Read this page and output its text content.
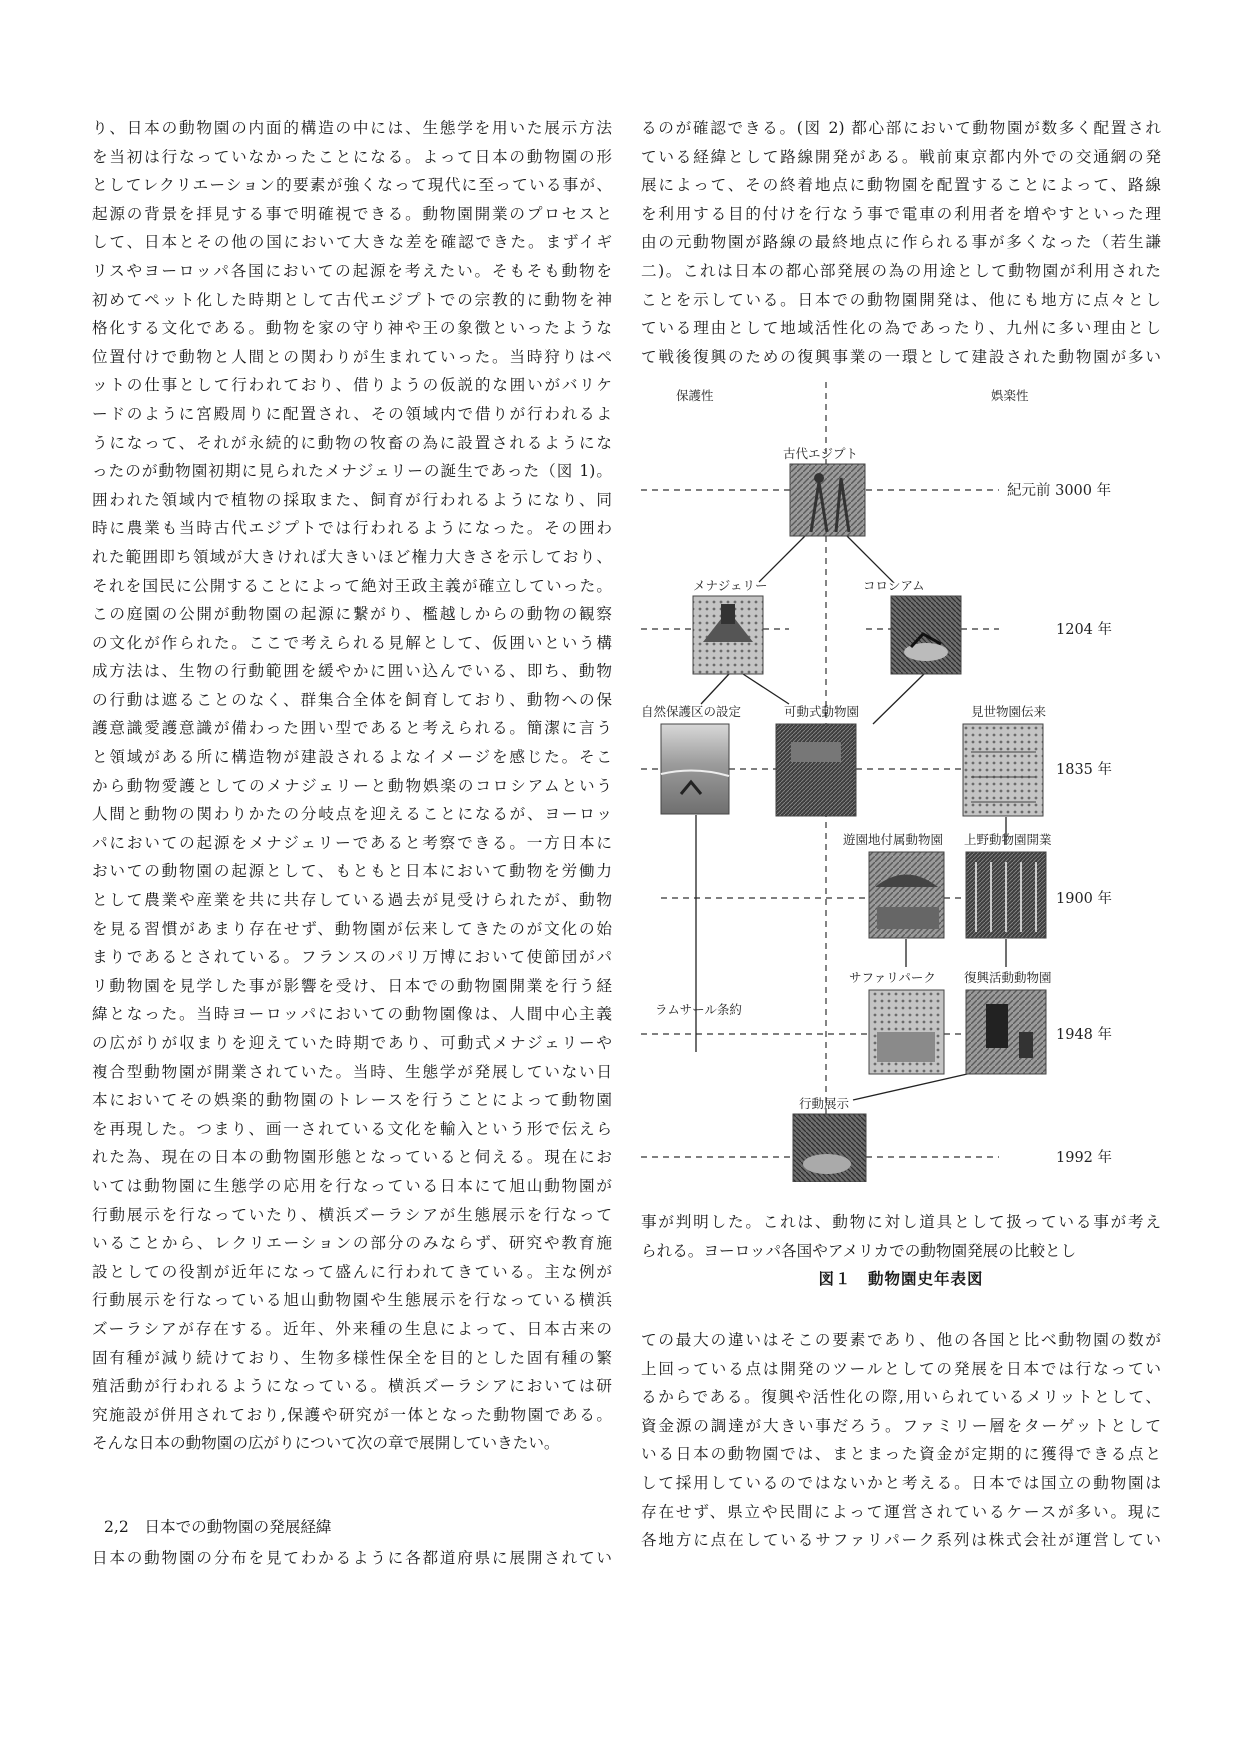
り、日本の動物園の内面的構造の中には、生態学を用いた展示方法

を当初は行なっていなかったことになる。よって日本の動物園の形

としてレクリエーション的要素が強くなって現代に至っている事が、

起源の背景を拝見する事で明確視できる。動物園開業のプロセスと

して、日本とその他の国において大きな差を確認できた。まずイギ

リスやヨーロッパ各国においての起源を考えたい。そもそも動物を

初めてペット化した時期として古代エジプトでの宗教的に動物を神

格化する文化である。動物を家の守り神や王の象徴といったような

位置付けで動物と人間との関わりが生まれていった。当時狩りはペ

ットの仕事として行われており、借りようの仮説的な囲いがバリケ

ードのように宮殿周りに配置され、その領域内で借りが行われるよ

うになって、それが永続的に動物の牧畜の為に設置されるようにな

ったのが動物園初期に見られたメナジェリーの誕生であった（図 1)。

囲われた領域内で植物の採取また、飼育が行われるようになり、同

時に農業も当時古代エジプトでは行われるようになった。その囲わ

れた範囲即ち領域が大きければ大きいほど権力大きさを示しており、

それを国民に公開することによって絶対王政主義が確立していった。

この庭園の公開が動物園の起源に繋がり、檻越しからの動物の観察

の文化が作られた。ここで考えられる見解として、仮囲いという構

成方法は、生物の行動範囲を緩やかに囲い込んでいる、即ち、動物

の行動は遮ることのなく、群集合全体を飼育しており、動物への保

護意識愛護意識が備わった囲い型であると考えられる。簡潔に言う

と領域がある所に構造物が建設されるよなイメージを感じた。そこ

から動物愛護としてのメナジェリーと動物娯楽のコロシアムという

人間と動物の関わりかたの分岐点を迎えることになるが、ヨーロッ

パにおいての起源をメナジェリーであると考察できる。一方日本に

おいての動物園の起源として、もともと日本において動物を労働力

として農業や産業を共に共存している過去が見受けられたが、動物

を見る習慣があまり存在せず、動物園が伝来してきたのが文化の始

まりであるとされている。フランスのパリ万博において使節団がパ

リ動物園を見学した事が影響を受け、日本での動物園開業を行う経

緯となった。当時ヨーロッパにおいての動物園像は、人間中心主義

の広がりが収まりを迎えていた時期であり、可動式メナジェリーや

複合型動物園が開業されていた。当時、生態学が発展していない日

本においてその娯楽的動物園のトレースを行うことによって動物園

を再現した。つまり、画一されている文化を輸入という形で伝えら

れた為、現在の日本の動物園形態となっていると伺える。現在にお

いては動物園に生態学の応用を行なっている日本にて旭山動物園が

行動展示を行なっていたり、横浜ズーラシアが生態展示を行なって

いることから、レクリエーションの部分のみならず、研究や教育施

設としての役割が近年になって盛んに行われてきている。主な例が

行動展示を行なっている旭山動物園や生態展示を行なっている横浜

ズーラシアが存在する。近年、外来種の生息によって、日本古来の

固有種が減り続けており、生物多様性保全を目的とした固有種の繁

殖活動が行われるようになっている。横浜ズーラシアにおいては研

究施設が併用されており,保護や研究が一体となった動物園である。

そんな日本の動物園の広がりについて次の章で展開していきたい。

2,2　日本での動物園の発展経緯

日本の動物園の分布を見てわかるように各都道府県に展開されてい

るのが確認できる。(図 2) 都心部において動物園が数多く配置され

ている経緯として路線開発がある。戦前東京都内外での交通網の発

展によって、その終着地点に動物園を配置することによって、路線

を利用する目的付けを行なう事で電車の利用者を増やすといった理

由の元動物園が路線の最終地点に作られる事が多くなった（若生謙

二)。これは日本の都心部発展の為の用途として動物園が利用された

ことを示している。日本での動物園開発は、他にも地方に点々とし

ている理由として地域活性化の為であったり、九州に多い理由とし

て戦後復興のための復興事業の一環として建設された動物園が多い

保護性	娯楽性
紀元前 3000 年
1204 年
1835 年
1900 年
1948 年
1992 年
古代エジプト
メナジェリー	コロシアム
自然保護区の設定	可動式動物園	見世物園伝来
遊園地付属動物園 上野動物園開業
サファリパーク 復興活動動物園
ラムサール条約
行動展示

事が判明した。これは、動物に対し道具として扱っている事が考え

られる。ヨーロッパ各国やアメリカでの動物園発展の比較とし

図１　動物園史年表図

ての最大の違いはそこの要素であり、他の各国と比べ動物園の数が

上回っている点は開発のツールとしての発展を日本では行なってい

るからである。復興や活性化の際,用いられているメリットとして、

資金源の調達が大きい事だろう。ファミリー層をターゲットとして

いる日本の動物園では、まとまった資金が定期的に獲得できる点と

して採用しているのではないかと考える。日本では国立の動物園は

存在せず、県立や民間によって運営されているケースが多い。現に

各地方に点在しているサファリパーク系列は株式会社が運営してい
